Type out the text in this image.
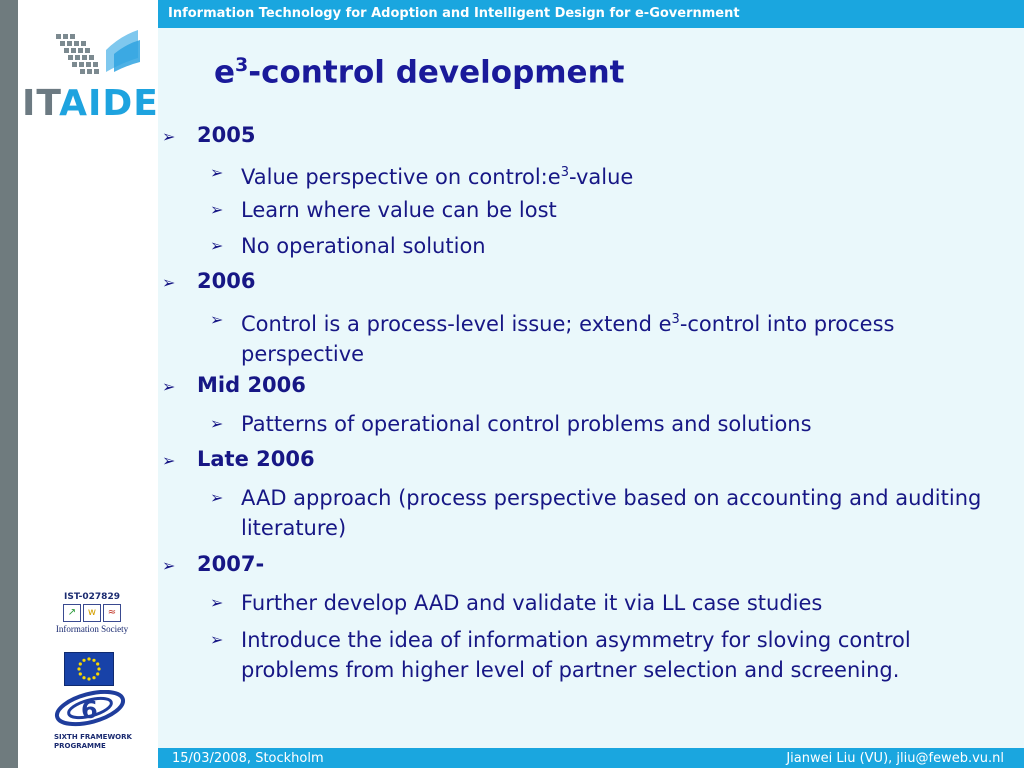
Information Technology for Adoption and Intelligent Design for e-Government
ITAIDE
$e^3$-control development
➢ 2005
➢ Value perspective on $control:e^3$-value
➢ Learn where value can be lost
➢ No operational solution
➢ 2006
➢ Control is a process-level issue; extend $e^3$-control into process perspective
➢ Mid 2006
➢ Patterns of operational control problems and solutions
➢ Late 2006
➢ AAD approach (process perspective based on accounting and auditing literature)
➢ 2007-
➢ Further develop AAD and validate it via LL case studies
➢ Introduce the idea of information asymmetry for sloving control problems from higher level of partner selection and screening.
IST-027829
↗	w	≈
Information Society
6
SIXTH FRAMEWORK
PROGRAMME
15/03/2008, Stockholm	Jianwei Liu (VU), jliu@feweb.vu.nl
